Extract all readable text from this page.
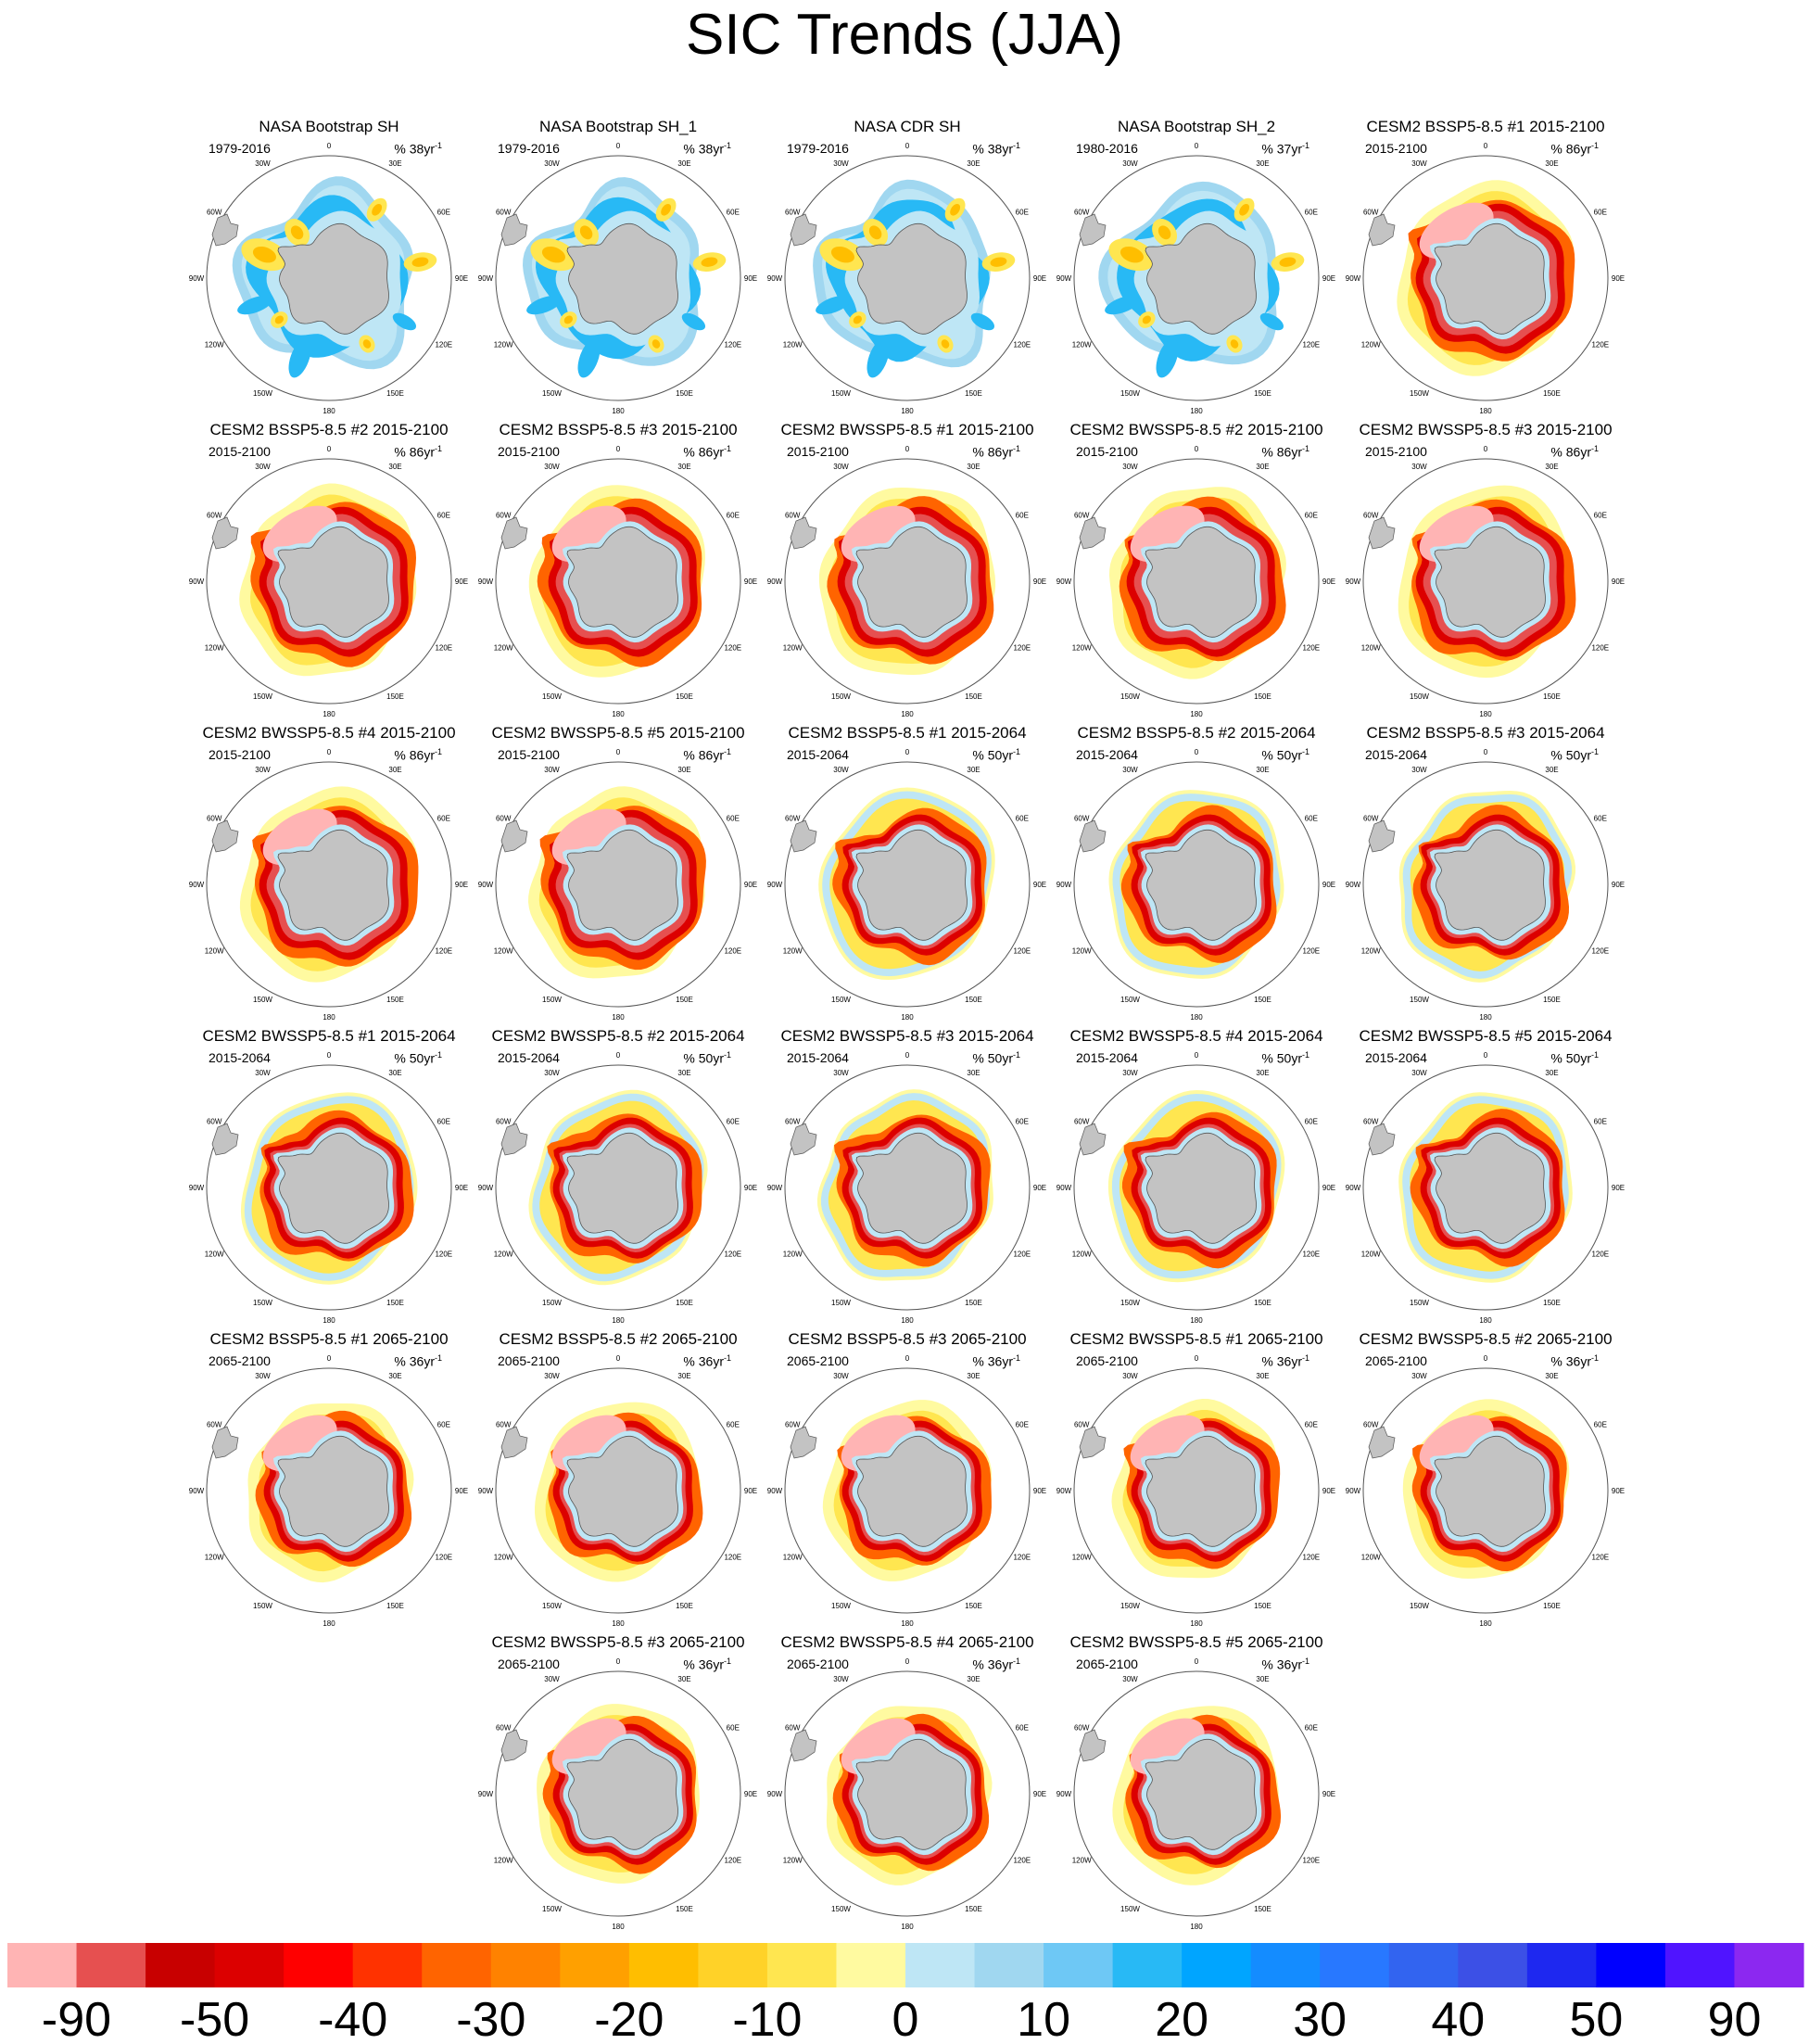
SIC Trends (JJA)
NASA Bootstrap SH
1979-2016	% $38yr^{-1}$
0
30E
60E
90E
120E
150E
180
150W
120W
90W
60W
30W
NASA Bootstrap SH_1
1979-2016	% $38yr^{-1}$
0
30E
60E
90E
120E
150E
180
150W
120W
90W
60W
30W
NASA CDR SH
1979-2016	% $38yr^{-1}$
0
30E
60E
90E
120E
150E
180
150W
120W
90W
60W
30W
NASA Bootstrap SH_2
1980-2016	% $37yr^{-1}$
0
30E
60E
90E
120E
150E
180
150W
120W
90W
60W
30W
CESM2 BSSP5-8.5 #1 2015-2100
2015-2100	% $86yr^{-1}$
0
30E
60E
90E
120E
150E
180
150W
120W
90W
60W
30W
CESM2 BSSP5-8.5 #2 2015-2100
2015-2100	% $86yr^{-1}$
0
30E
60E
90E
120E
150E
180
150W
120W
90W
60W
30W
CESM2 BSSP5-8.5 #3 2015-2100
2015-2100	% $86yr^{-1}$
0
30E
60E
90E
120E
150E
180
150W
120W
90W
60W
30W
CESM2 BWSSP5-8.5 #1 2015-2100
2015-2100	% $86yr^{-1}$
0
30E
60E
90E
120E
150E
180
150W
120W
90W
60W
30W
CESM2 BWSSP5-8.5 #2 2015-2100
2015-2100	% $86yr^{-1}$
0
30E
60E
90E
120E
150E
180
150W
120W
90W
60W
30W
CESM2 BWSSP5-8.5 #3 2015-2100
2015-2100	% $86yr^{-1}$
0
30E
60E
90E
120E
150E
180
150W
120W
90W
60W
30W
CESM2 BWSSP5-8.5 #4 2015-2100
2015-2100	% $86yr^{-1}$
0
30E
60E
90E
120E
150E
180
150W
120W
90W
60W
30W
CESM2 BWSSP5-8.5 #5 2015-2100
2015-2100	% $86yr^{-1}$
0
30E
60E
90E
120E
150E
180
150W
120W
90W
60W
30W
CESM2 BSSP5-8.5 #1 2015-2064
2015-2064	% $50yr^{-1}$
0
30E
60E
90E
120E
150E
180
150W
120W
90W
60W
30W
CESM2 BSSP5-8.5 #2 2015-2064
2015-2064	% $50yr^{-1}$
0
30E
60E
90E
120E
150E
180
150W
120W
90W
60W
30W
CESM2 BSSP5-8.5 #3 2015-2064
2015-2064	% $50yr^{-1}$
0
30E
60E
90E
120E
150E
180
150W
120W
90W
60W
30W
CESM2 BWSSP5-8.5 #1 2015-2064
2015-2064	% $50yr^{-1}$
0
30E
60E
90E
120E
150E
180
150W
120W
90W
60W
30W
CESM2 BWSSP5-8.5 #2 2015-2064
2015-2064	% $50yr^{-1}$
0
30E
60E
90E
120E
150E
180
150W
120W
90W
60W
30W
CESM2 BWSSP5-8.5 #3 2015-2064
2015-2064	% $50yr^{-1}$
0
30E
60E
90E
120E
150E
180
150W
120W
90W
60W
30W
CESM2 BWSSP5-8.5 #4 2015-2064
2015-2064	% $50yr^{-1}$
0
30E
60E
90E
120E
150E
180
150W
120W
90W
60W
30W
CESM2 BWSSP5-8.5 #5 2015-2064
2015-2064	% $50yr^{-1}$
0
30E
60E
90E
120E
150E
180
150W
120W
90W
60W
30W
CESM2 BSSP5-8.5 #1 2065-2100
2065-2100	% $36yr^{-1}$
0
30E
60E
90E
120E
150E
180
150W
120W
90W
60W
30W
CESM2 BSSP5-8.5 #2 2065-2100
2065-2100	% $36yr^{-1}$
0
30E
60E
90E
120E
150E
180
150W
120W
90W
60W
30W
CESM2 BSSP5-8.5 #3 2065-2100
2065-2100	% $36yr^{-1}$
0
30E
60E
90E
120E
150E
180
150W
120W
90W
60W
30W
CESM2 BWSSP5-8.5 #1 2065-2100
2065-2100	% $36yr^{-1}$
0
30E
60E
90E
120E
150E
180
150W
120W
90W
60W
30W
CESM2 BWSSP5-8.5 #2 2065-2100
2065-2100	% $36yr^{-1}$
0
30E
60E
90E
120E
150E
180
150W
120W
90W
60W
30W
CESM2 BWSSP5-8.5 #3 2065-2100
2065-2100	% $36yr^{-1}$
0
30E
60E
90E
120E
150E
180
150W
120W
90W
60W
30W
CESM2 BWSSP5-8.5 #4 2065-2100
2065-2100	% $36yr^{-1}$
0
30E
60E
90E
120E
150E
180
150W
120W
90W
60W
30W
CESM2 BWSSP5-8.5 #5 2065-2100
2065-2100	% $36yr^{-1}$
0
30E
60E
90E
120E
150E
180
150W
120W
90W
60W
30W
-90 -50 -40 -30 -20 -10 0 10 20 30 40 50 90
